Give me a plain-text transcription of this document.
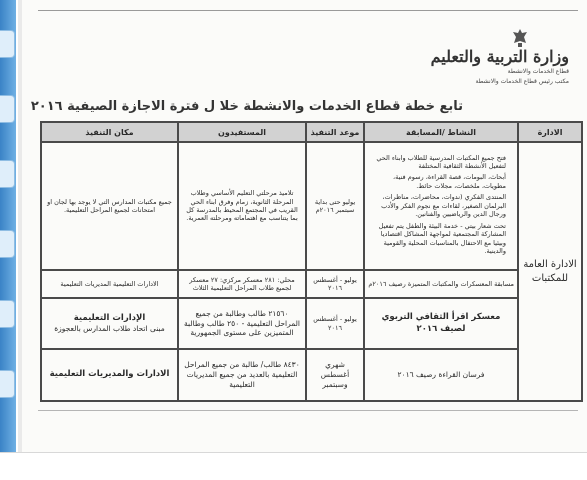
وزارة التربية والتعليم
قطاع الخدمات والانشطة
مكتب رئيس قطاع الخدمات والانشطة
تابع خطة قطاع الخدمات والانشطة خلا ل فترة الاجازة الصيفية ٢٠١٦
الادارة	النشاط /المسابقة	موعد التنفيذ	المستفيدون	مكان التنفيذ
الادارة العامة للمكتبات	فتح جميع المكتبات المدرسية للطلاب وابناء الحي لتفعيل الأنشطة الثقافية المختلفة
أبحاث، البومات، قصة القراءة، رسوم فنية، مطويات، ملخصات، مجلات حائط.
المنتدى الفكري (ندوات، محاضرات، مناظرات، البرلمان الصغير، لقاءات مع نجوم الفكر والأدب ورجال الدين والرياضيين والفنانين.
تحت شعار بيتي - خدمة البيئة والطفل يتم تفعيل المشاركة المجتمعية لمواجهة المشاكل اقتصاديا وبيئيا مع الاحتفال بالمناسبات المحلية والقومية والدينية.	يوليو حتى بداية سبتمبر ٢٠١٦م	تلاميذ مرحلتي التعليم الأساسي وطلاب المرحلة الثانوية، زمام وفرق ابناء الحي القريب في المجتمع المحيط بالمدرسة كل بما يتناسب مع اهتماماته ومرحلته العمرية.	جميع مكتبات المدارس التي لا يوجد بها لجان او امتحانات لجميع المراحل التعليمية.
	مسابقة المعسكرات والمكتبات المتميزة رصيف ٢٠١٦م	يوليو - أغسطس ٢٠١٦	محلي: ٢٨١ معسكر مركزي: ٢٧ معسكر لجميع طلاب المراحل التعليمية الثلاث	الادارات التعليمية المديريات التعليمية
	معسكر اقرأ الثقافي التربوي لصيف ٢٠١٦	يوليو - أغسطس ٢٠١٦	٢١٥٦٠ طالب وطالبة من جميع المراحل التعليمية - ٢٥٠ طالب وطالبة المتميزين على مستوى الجمهورية	الإدارات التعليمية
مبنى اتحاد طلاب المدارس بالعجوزة

	فرسان القراءة رصيف ٢٠١٦	شهري أغسطس وسبتمبر	٨٤٣٠ طالب/ طالبة من جميع المراحل التعليمية بالعديد من جميع المديريات التعليمية	الادارات والمديريات التعليمية
